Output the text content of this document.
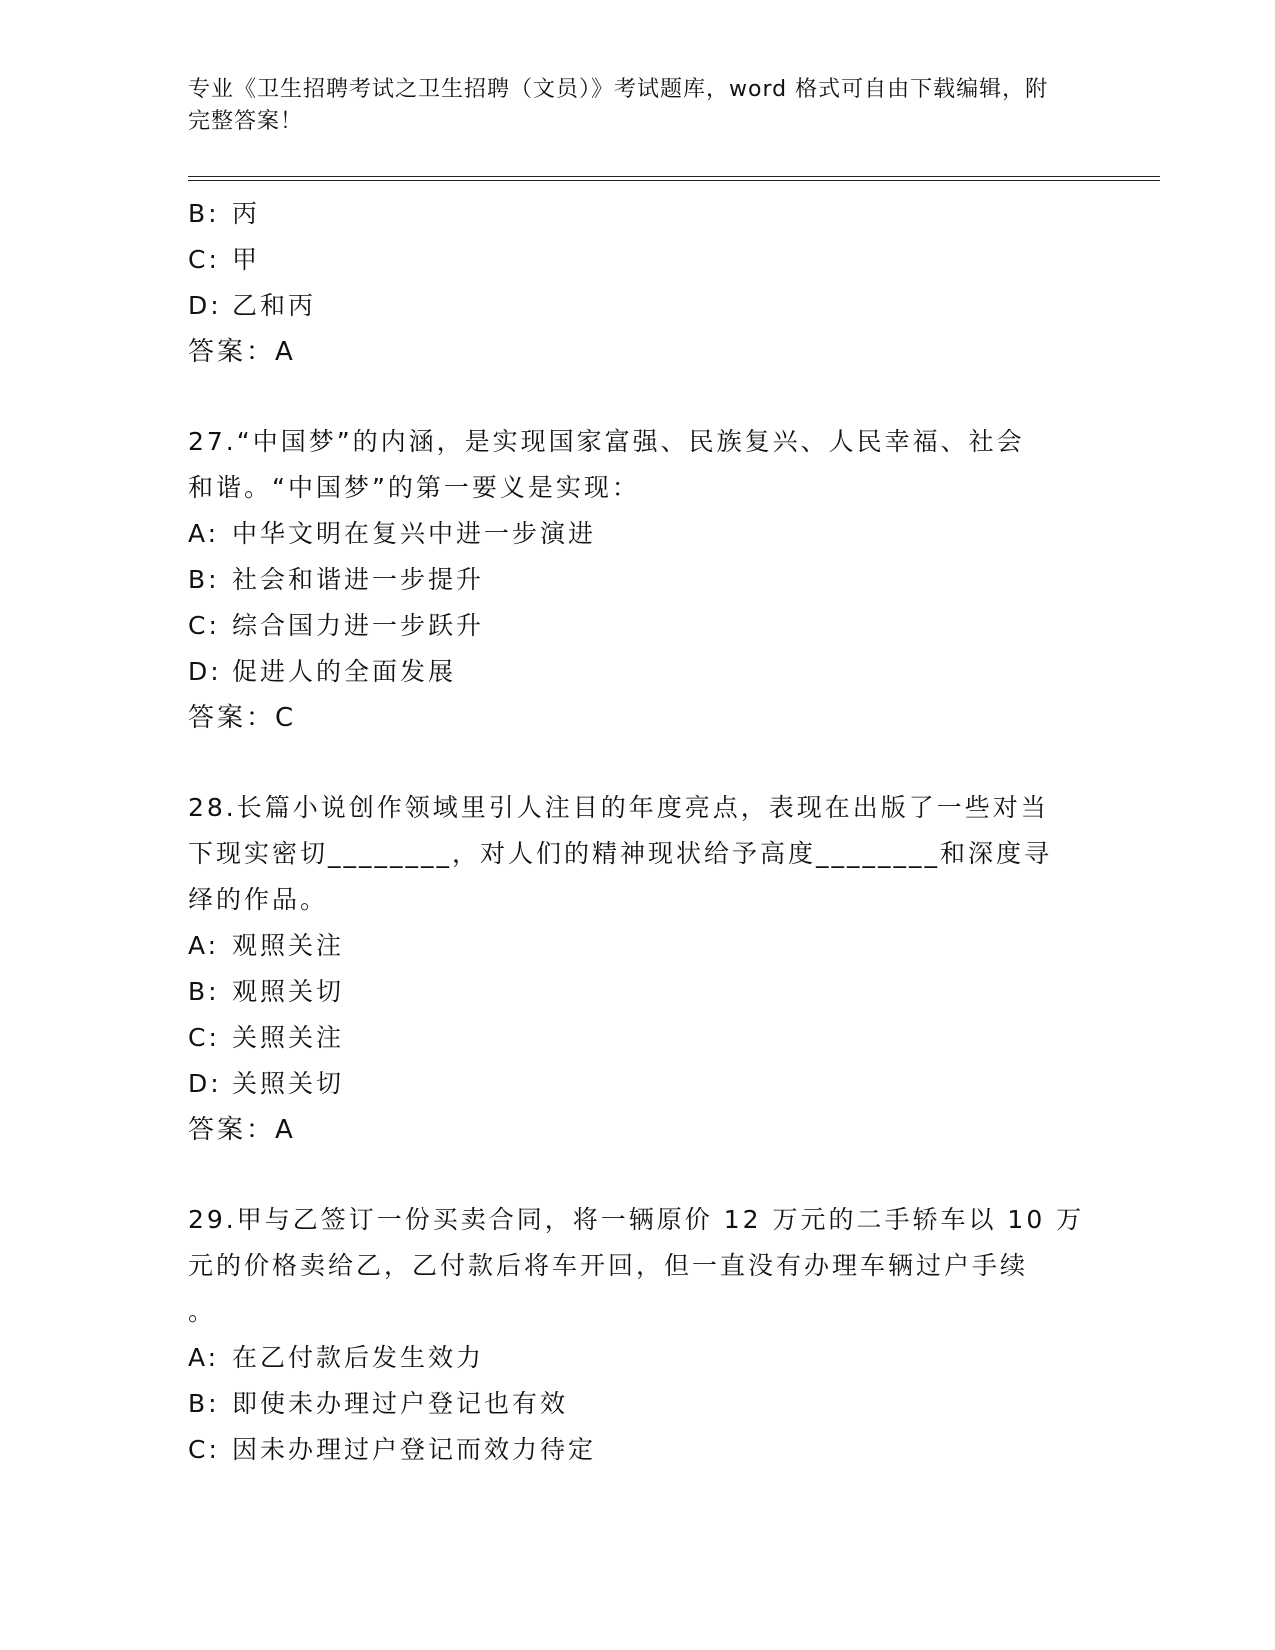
专业《卫生招聘考试之卫生招聘（文员）》考试题库，word 格式可自由下载编辑，附完整答案！
B: 丙
C: 甲
D: 乙和丙
答案：A
27.“中国梦”的内涵，是实现国家富强、民族复兴、人民幸福、社会
和谐。“中国梦”的第一要义是实现：
A: 中华文明在复兴中进一步演进
B: 社会和谐进一步提升
C: 综合国力进一步跃升
D: 促进人的全面发展
答案：C
28.长篇小说创作领域里引人注目的年度亮点，表现在出版了一些对当
下现实密切________，对人们的精神现状给予高度________和深度寻
绎的作品。
A: 观照关注
B: 观照关切
C: 关照关注
D: 关照关切
答案：A
29.甲与乙签订一份买卖合同，将一辆原价 12 万元的二手轿车以 10 万
元的价格卖给乙，乙付款后将车开回，但一直没有办理车辆过户手续
。
A: 在乙付款后发生效力
B: 即使未办理过户登记也有效
C: 因未办理过户登记而效力待定
